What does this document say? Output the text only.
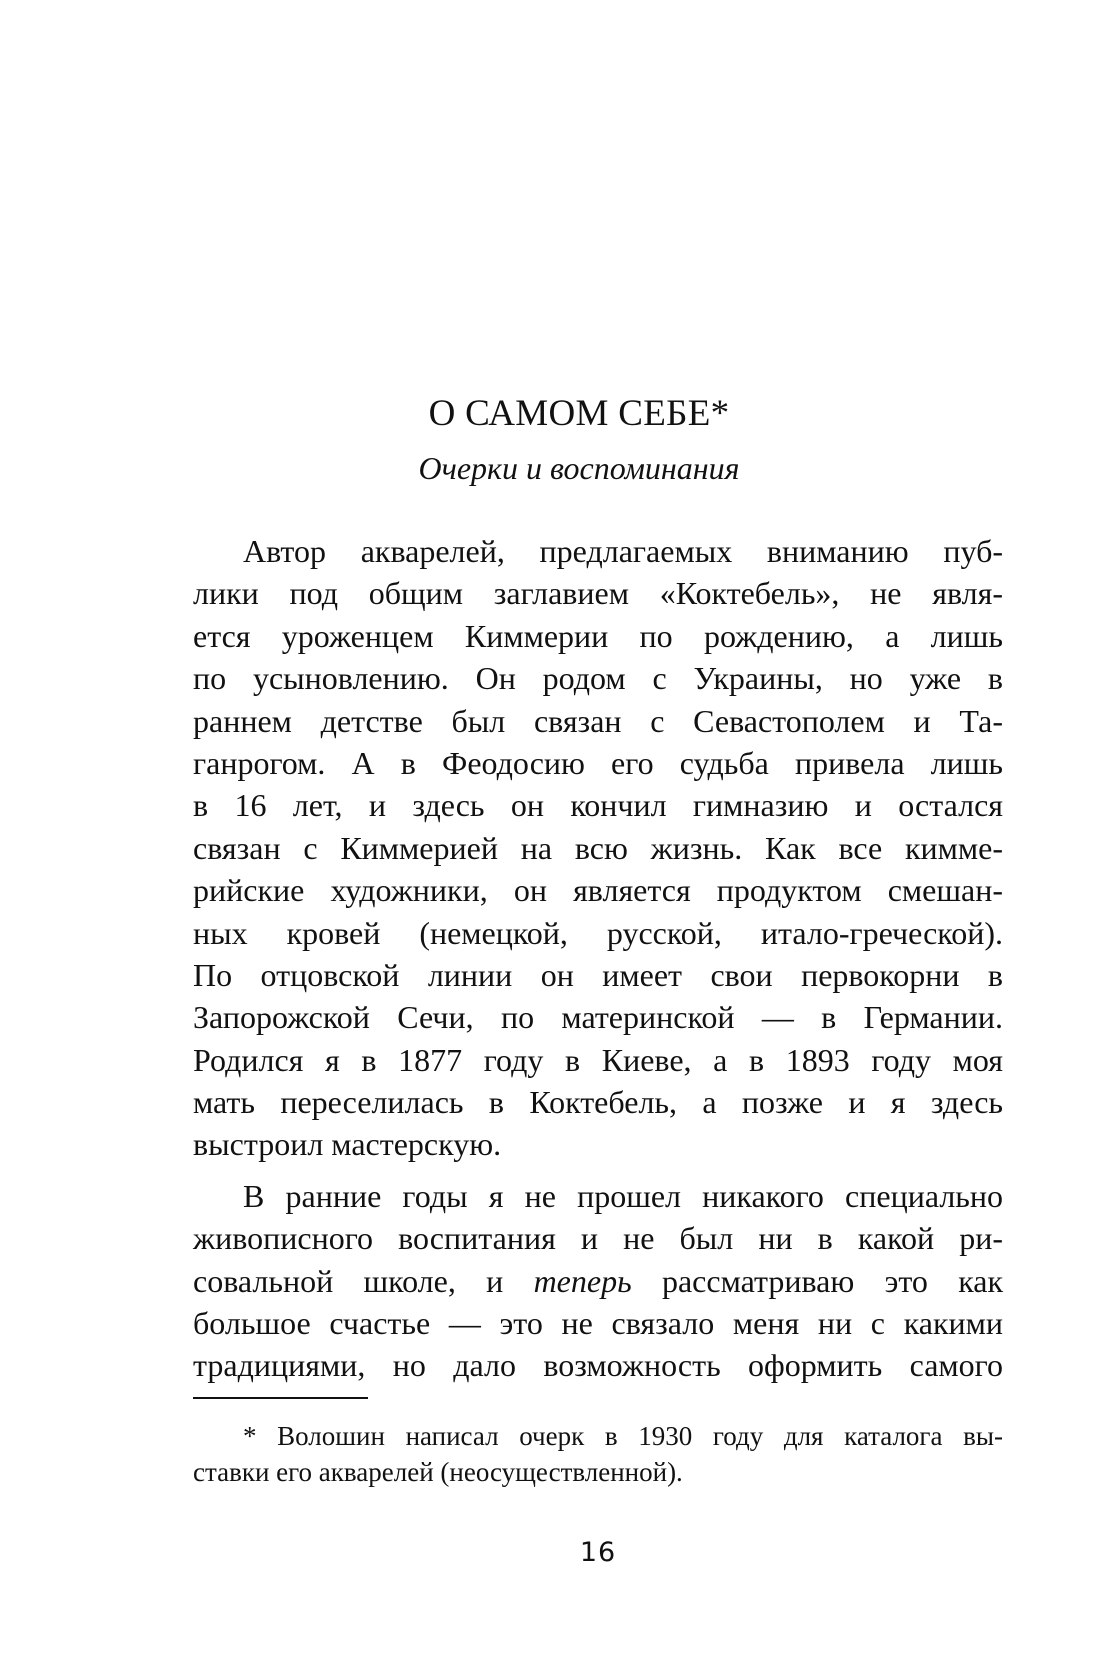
О САМОМ СЕБЕ*
Очерки и воспоминания
Автор акварелей, предлагаемых вниманию пуб-
лики под общим заглавием «Коктебель», не явля-
ется уроженцем Киммерии по рождению, а лишь
по усыновлению. Он родом с Украины, но уже в
раннем детстве был связан с Севастополем и Та-
ганрогом. А в Феодосию его судьба привела лишь
в 16 лет, и здесь он кончил гимназию и остался
связан с Киммерией на всю жизнь. Как все кимме-
рийские художники, он является продуктом смешан-
ных кровей (немецкой, русской, итало-греческой).
По отцовской линии он имеет свои первокорни в
Запорожской Сечи, по материнской — в Германии.
Родился я в 1877 году в Киеве, а в 1893 году моя
мать переселилась в Коктебель, а позже и я здесь
выстроил мастерскую.
В ранние годы я не прошел никакого специально
живописного воспитания и не был ни в какой ри-
совальной школе, и теперь рассматриваю это как
большое счастье — это не связало меня ни с какими
традициями, но дало возможность оформить самого
* Волошин написал очерк в 1930 году для каталога вы-
ставки его акварелей (неосуществленной).
16
